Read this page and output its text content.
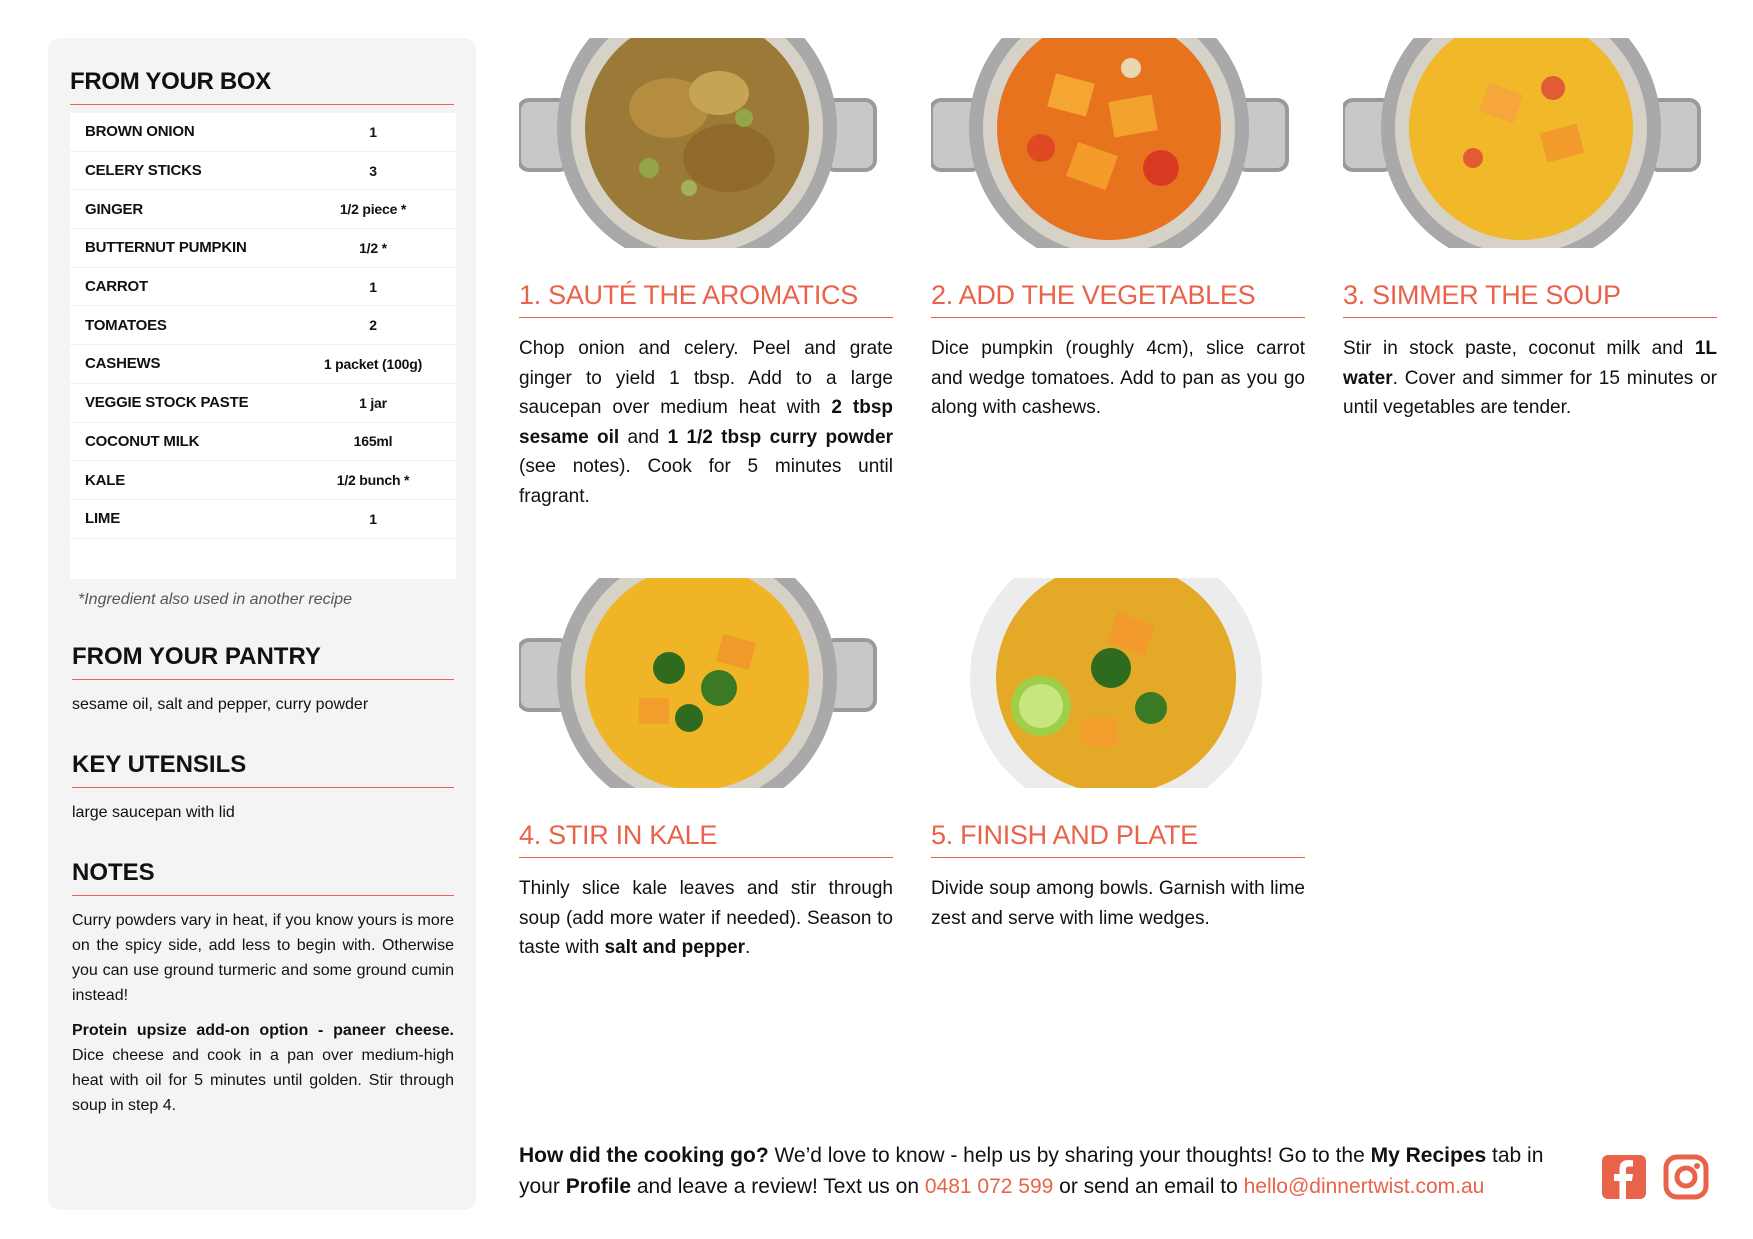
FROM YOUR BOX
BROWN ONION	1
CELERY STICKS	3
GINGER	1/2 piece *
BUTTERNUT PUMPKIN	1/2 *
CARROT	1
TOMATOES	2
CASHEWS	1 packet (100g)
VEGGIE STOCK PASTE	1 jar
COCONUT MILK	165ml
KALE	1/2 bunch *
LIME	1
*Ingredient also used in another recipe
FROM YOUR PANTRY
sesame oil, salt and pepper, curry powder
KEY UTENSILS
large saucepan with lid
NOTES

Curry powders vary in heat, if you know yours is more on the spicy side, add less to begin with. Otherwise you can use ground turmeric and some ground cumin instead!

Protein upsize add-on option - paneer cheese. Dice cheese and cook in a pan over medium-high heat with oil for 5 minutes until golden. Stir through soup in step 4.

1. SAUTÉ THE AROMATICS
Chop onion and celery. Peel and grate ginger to yield 1 tbsp. Add to a large saucepan over medium heat with 2 tbsp sesame oil and 1 1/2 tbsp curry powder (see notes). Cook for 5 minutes until fragrant.
2. ADD THE VEGETABLES
Dice pumpkin (roughly 4cm), slice carrot and wedge tomatoes. Add to pan as you go along with cashews.
3. SIMMER THE SOUP
Stir in stock paste, coconut milk and 1L water. Cover and simmer for 15 minutes or until vegetables are tender.
4. STIR IN KALE
Thinly slice kale leaves and stir through soup (add more water if needed). Season to taste with salt and pepper.
5. FINISH AND PLATE
Divide soup among bowls. Garnish with lime zest and serve with lime wedges.
How did the cooking go? We’d love to know - help us by sharing your thoughts! Go to the My Recipes tab in your Profile and leave a review! Text us on 0481 072 599 or send an email to hello@dinnertwist.com.au
